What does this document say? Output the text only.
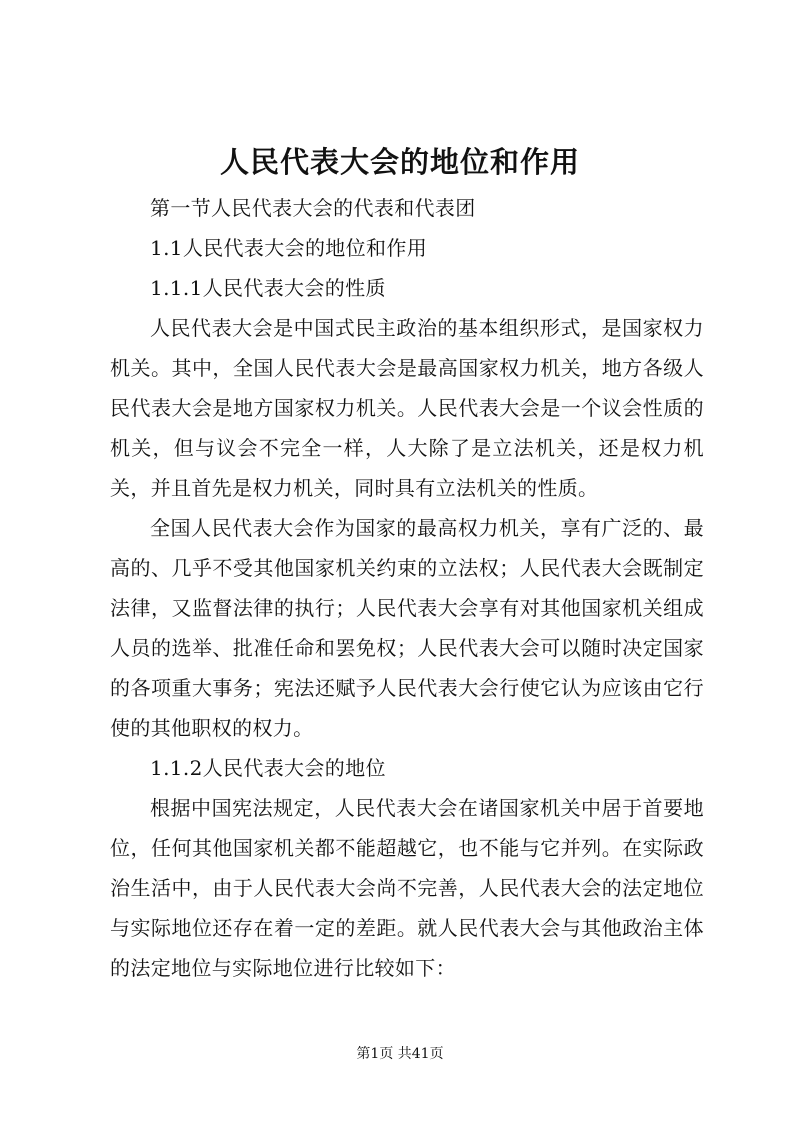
人民代表大会的地位和作用

第一节人民代表大会的代表和代表团

1.1人民代表大会的地位和作用

1.1.1人民代表大会的性质

人民代表大会是中国式民主政治的基本组织形式，是国家权力机关。其中，全国人民代表大会是最高国家权力机关，地方各级人民代表大会是地方国家权力机关。人民代表大会是一个议会性质的机关，但与议会不完全一样，人大除了是立法机关，还是权力机关，并且首先是权力机关，同时具有立法机关的性质。

全国人民代表大会作为国家的最高权力机关，享有广泛的、最高的、几乎不受其他国家机关约束的立法权；人民代表大会既制定法律，又监督法律的执行；人民代表大会享有对其他国家机关组成人员的选举、批准任命和罢免权；人民代表大会可以随时决定国家的各项重大事务；宪法还赋予人民代表大会行使它认为应该由它行使的其他职权的权力。

1.1.2人民代表大会的地位

根据中国宪法规定，人民代表大会在诸国家机关中居于首要地位，任何其他国家机关都不能超越它，也不能与它并列。在实际政治生活中，由于人民代表大会尚不完善，人民代表大会的法定地位与实际地位还存在着一定的差距。就人民代表大会与其他政治主体的法定地位与实际地位进行比较如下：

第1页 共41页
